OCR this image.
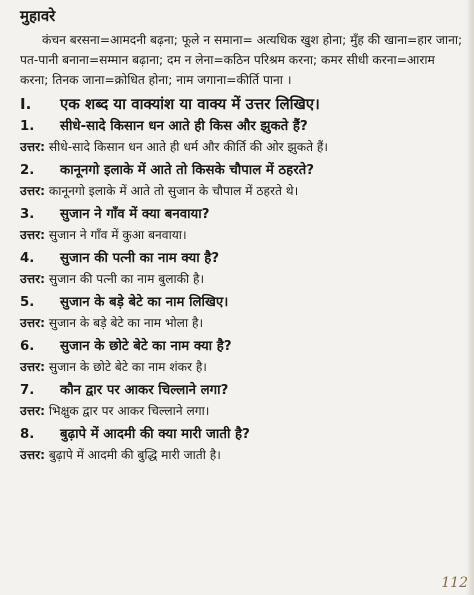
मुहावरे
कंचन बरसना=आमदनी बढ़ना; फूले न समाना= अत्यधिक खुश होना; मुँह की खाना=हार जाना; पत-पानी बनाना=सम्मान बढ़ाना; दम न लेना=कठिन परिश्रम करना; कमर सीधी करना=आराम करना; तिनक जाना=क्रोधित होना; नाम जगाना=कीर्ति पाना ।
I.	एक शब्द या वाक्यांश या वाक्य में उत्तर लिखिए।
1.	सीधे-सादे किसान धन आते ही किस और झुकते हैं?
उत्तर: सीधे-सादे किसान धन आते ही धर्म और कीर्ति की ओर झुकते हैं।
2.	कानूनगो इलाके में आते तो किसके चौपाल में ठहरते?
उत्तर: कानूनगो इलाके में आते तो सुजान के चौपाल में ठहरते थे।
3.	सुजान ने गाँव में क्या बनवाया?
उत्तर: सुजान ने गाँव में कुआ बनवाया।
4.	सुजान की पत्नी का नाम क्या है?
उत्तर: सुजान की पत्नी का नाम बुलाकी है।
5.	सुजान के बड़े बेटे का नाम लिखिए।
उत्तर: सुजान के बड़े बेटे का नाम भोला है।
6.	सुजान के छोटे बेटे का नाम क्या है?
उत्तर: सुजान के छोटे बेटे का नाम शंकर है।
7.	कौन द्वार पर आकर चिल्लाने लगा?
उत्तर: भिक्षुक द्वार पर आकर चिल्लाने लगा।
8.	बुढ़ापे में आदमी की क्या मारी जाती है?
उत्तर: बुढ़ापे में आदमी की बुद्धि मारी जाती है।
112
